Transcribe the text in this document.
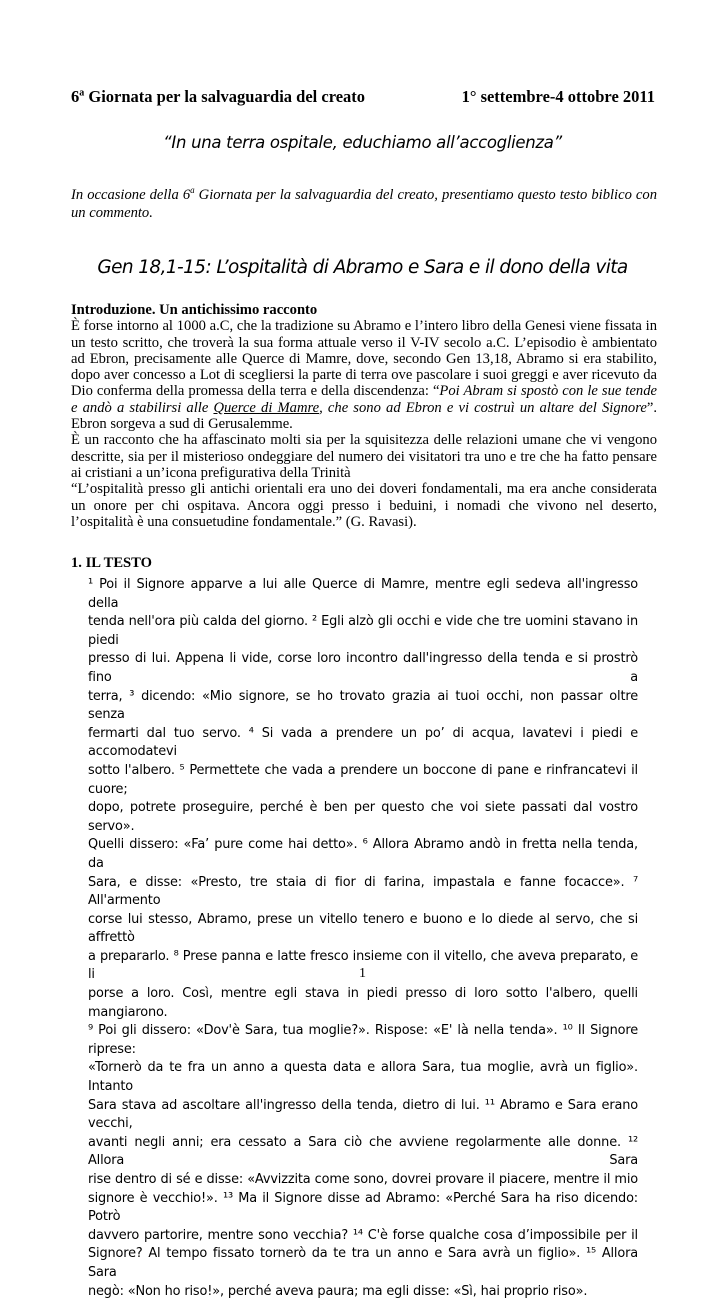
6$^a$ Giornata per la salvaguardia del creato	1° settembre-4 ottobre 2011
“In una terra ospitale, educhiamo all’accoglienza”
In occasione della 6$^a$ Giornata per la salvaguardia del creato, presentiamo questo testo biblico con un commento.
Gen 18,1-15: L’ospitalità di Abramo e Sara e il dono della vita
Introduzione. Un antichissimo racconto
È forse intorno al 1000 a.C, che la tradizione su Abramo e l’intero libro della Genesi viene fissata in
un testo scritto, che troverà la sua forma attuale verso il V-IV secolo a.C. L’episodio è ambientato
ad Ebron, precisamente alle Querce di Mamre, dove, secondo Gen 13,18, Abramo si era stabilito,
dopo aver concesso a Lot di scegliersi la parte di terra ove pascolare i suoi greggi e aver ricevuto da
Dio conferma della promessa della terra e della discendenza: “Poi Abram si spostò con le sue tende
e andò a stabilirsi alle Querce di Mamre, che sono ad Ebron e vi costruì un altare del Signore”.
Ebron sorgeva a sud di Gerusalemme.
È un racconto che ha affascinato molti sia per la squisitezza delle relazioni umane che vi vengono
descritte, sia per il misterioso ondeggiare del numero dei visitatori tra uno e tre che ha fatto pensare
ai cristiani a un’icona prefigurativa della Trinità
“L’ospitalità presso gli antichi orientali era uno dei doveri fondamentali, ma era anche considerata
un onore per chi ospitava. Ancora oggi presso i beduini, i nomadi che vivono nel deserto,
l’ospitalità è una consuetudine fondamentale.” (G. Ravasi).
1. IL TESTO
¹ Poi il Signore apparve a lui alle Querce di Mamre, mentre egli sedeva all'ingresso della
tenda nell'ora più calda del giorno. ² Egli alzò gli occhi e vide che tre uomini stavano in piedi
presso di lui. Appena li vide, corse loro incontro dall'ingresso della tenda e si prostrò fino a
terra, ³ dicendo: «Mio signore, se ho trovato grazia ai tuoi occhi, non passar oltre senza
fermarti dal tuo servo. ⁴ Si vada a prendere un po’ di acqua, lavatevi i piedi e accomodatevi
sotto l'albero. ⁵ Permettete che vada a prendere un boccone di pane e rinfrancatevi il cuore;
dopo, potrete proseguire, perché è ben per questo che voi siete passati dal vostro servo».
Quelli dissero: «Fa’ pure come hai detto». ⁶ Allora Abramo andò in fretta nella tenda, da
Sara, e disse: «Presto, tre staia di fior di farina, impastala e fanne focacce». ⁷ All'armento
corse lui stesso, Abramo, prese un vitello tenero e buono e lo diede al servo, che si affrettò
a prepararlo. ⁸ Prese panna e latte fresco insieme con il vitello, che aveva preparato, e li
porse a loro. Così, mentre egli stava in piedi presso di loro sotto l'albero, quelli mangiarono.
⁹ Poi gli dissero: «Dov'è Sara, tua moglie?». Rispose: «E' là nella tenda». ¹⁰ Il Signore riprese:
«Tornerò da te fra un anno a questa data e allora Sara, tua moglie, avrà un figlio». Intanto
Sara stava ad ascoltare all'ingresso della tenda, dietro di lui. ¹¹ Abramo e Sara erano vecchi,
avanti negli anni; era cessato a Sara ciò che avviene regolarmente alle donne. ¹² Allora Sara
rise dentro di sé e disse: «Avvizzita come sono, dovrei provare il piacere, mentre il mio
signore è vecchio!». ¹³ Ma il Signore disse ad Abramo: «Perché Sara ha riso dicendo: Potrò
davvero partorire, mentre sono vecchia? ¹⁴ C'è forse qualche cosa d’impossibile per il
Signore? Al tempo fissato tornerò da te tra un anno e Sara avrà un figlio». ¹⁵ Allora Sara
negò: «Non ho riso!», perché aveva paura; ma egli disse: «Sì, hai proprio riso».
1
